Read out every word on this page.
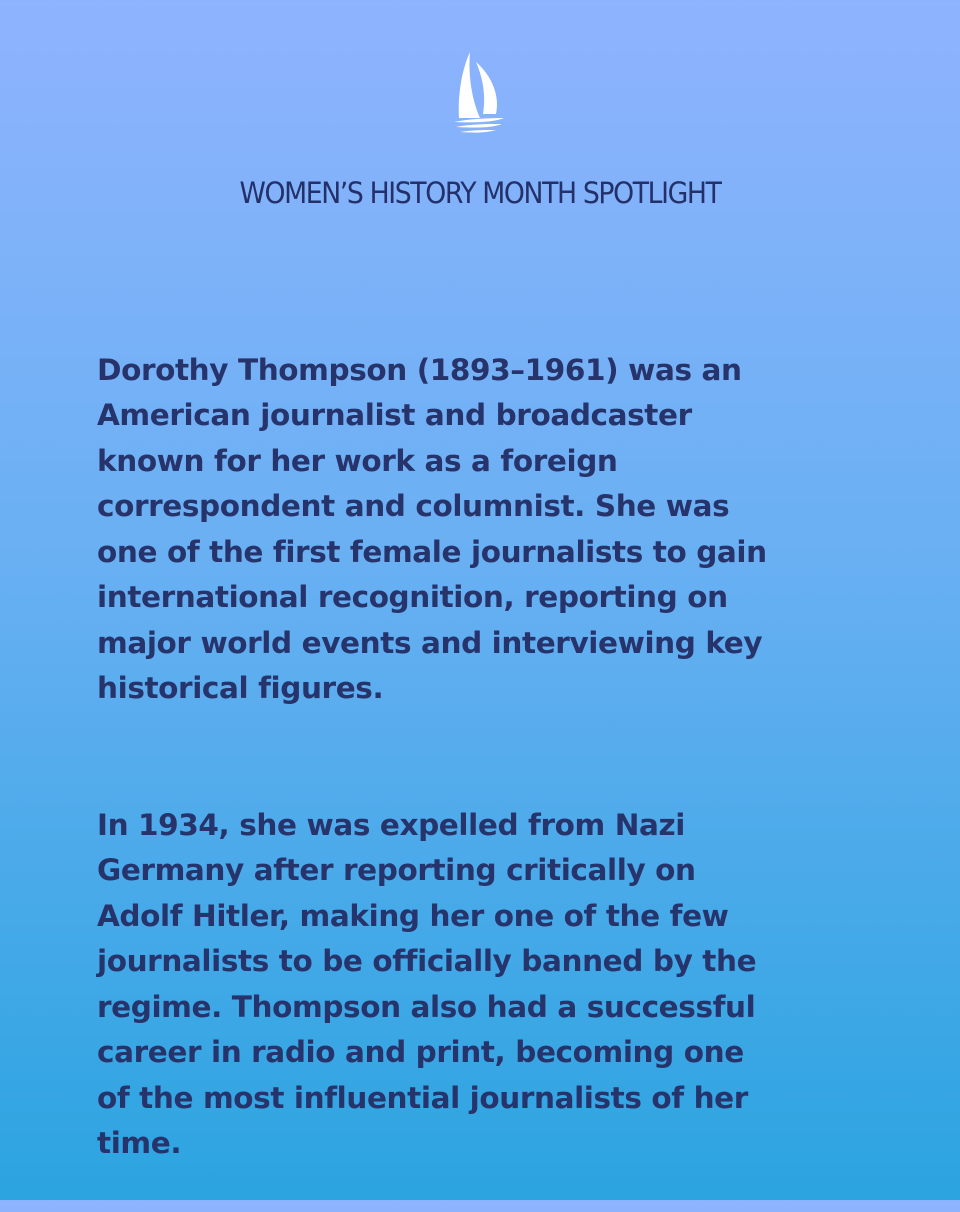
WOMEN’S HISTORY MONTH SPOTLIGHT

Dorothy Thompson (1893–1961) was an
American journalist and broadcaster
known for her work as a foreign
correspondent and columnist. She was
one of the first female journalists to gain
international recognition, reporting on
major world events and interviewing key
historical figures.

In 1934, she was expelled from Nazi
Germany after reporting critically on
Adolf Hitler, making her one of the few
journalists to be officially banned by the
regime. Thompson also had a successful
career in radio and print, becoming one
of the most influential journalists of her
time.
